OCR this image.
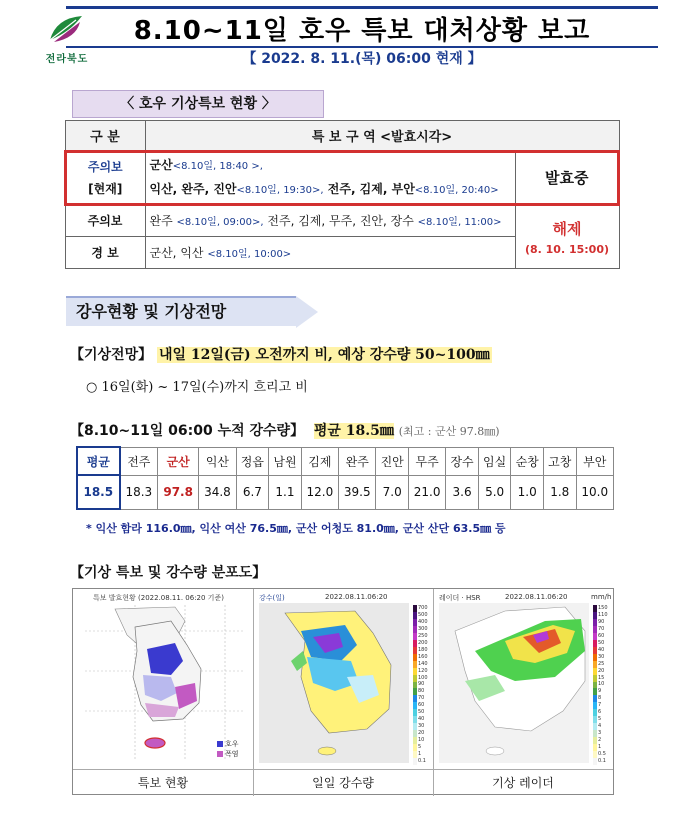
전라북도
8.10~11일 호우 특보 대처상황 보고
【 2022. 8. 11.(목) 06:00 현재 】
〈 호우 기상특보 현황 〉
구 분	특 보 구 역 <발효시각>	
주의보
[현재]	군산<8.10일, 18:40 >,
익산, 완주, 진안<8.10일, 19:30>, 전주, 김제, 부안<8.10일, 20:40>	발효중
주의보	완주 <8.10일, 09:00>, 전주, 김제, 무주, 진안, 장수 <8.10일, 11:00>	해제
(8. 10. 15:00)

경 보	군산, 익산 <8.10일, 10:00>	
강우현황 및 기상전망
【기상전망】 내일 12일(금) 오전까지 비, 예상 강수량 50~100㎜
○ 16일(화) ~ 17일(수)까지 흐리고 비
【8.10~11일 06:00 누적 강수량】 평균 18.5㎜ (최고 : 군산 97.8㎜)
평균	전주	군산	익산	정읍	남원	김제	완주	진안	무주	장수	임실	순창	고창	부안
18.5	18.3	97.8	34.8	6.7	1.1	12.0	39.5	7.0	21.0	3.6	5.0	1.0	1.8	10.0
* 익산 함라 116.0㎜, 익산 여산 76.5㎜, 군산 어청도 81.0㎜, 군산 산단 63.5㎜ 등
【기상 특보 및 강수량 분포도】
특보 발효현황 (2022.08.11. 06:20 기준)
호우
폭염
강수(일)	2022.08.11.06:20
700
500
400
300
250
200
180
160
140
120
100
90
80
70
60
50
40
30
20
10
5
1
0.1
레이더 · HSR	2022.08.11.06:20	mm/h
150
110
90
70
60
50
40
30
25
20
15
10
9
8
7
6
5
4
3
2
1
0.5
0.1
특보 현황	일일 강수량	기상 레이더
